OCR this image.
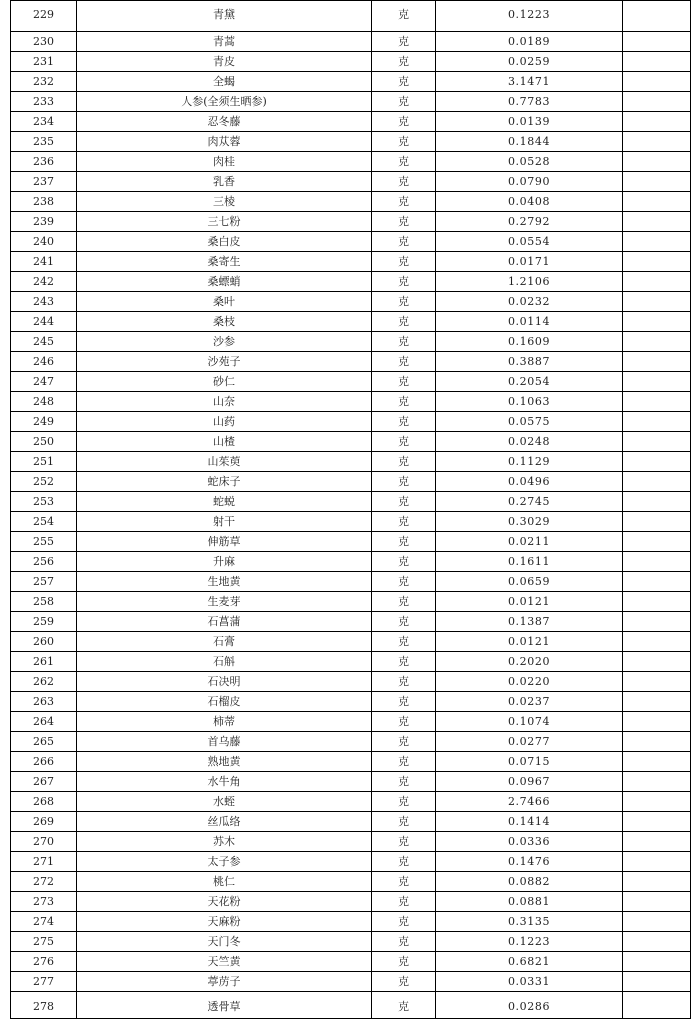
229	青黛	克	0.1223	
230	青蒿	克	0.0189	
231	青皮	克	0.0259	
232	全蝎	克	3.1471	
233	人参(全须生晒参)	克	0.7783	
234	忍冬藤	克	0.0139	
235	肉苁蓉	克	0.1844	
236	肉桂	克	0.0528	
237	乳香	克	0.0790	
238	三棱	克	0.0408	
239	三七粉	克	0.2792	
240	桑白皮	克	0.0554	
241	桑寄生	克	0.0171	
242	桑螵蛸	克	1.2106	
243	桑叶	克	0.0232	
244	桑枝	克	0.0114	
245	沙参	克	0.1609	
246	沙苑子	克	0.3887	
247	砂仁	克	0.2054	
248	山奈	克	0.1063	
249	山药	克	0.0575	
250	山楂	克	0.0248	
251	山茱萸	克	0.1129	
252	蛇床子	克	0.0496	
253	蛇蜕	克	0.2745	
254	射干	克	0.3029	
255	伸筋草	克	0.0211	
256	升麻	克	0.1611	
257	生地黄	克	0.0659	
258	生麦芽	克	0.0121	
259	石菖蒲	克	0.1387	
260	石膏	克	0.0121	
261	石斛	克	0.2020	
262	石决明	克	0.0220	
263	石榴皮	克	0.0237	
264	柿蒂	克	0.1074	
265	首乌藤	克	0.0277	
266	熟地黄	克	0.0715	
267	水牛角	克	0.0967	
268	水蛭	克	2.7466	
269	丝瓜络	克	0.1414	
270	苏木	克	0.0336	
271	太子参	克	0.1476	
272	桃仁	克	0.0882	
273	天花粉	克	0.0881	
274	天麻粉	克	0.3135	
275	天门冬	克	0.1223	
276	天竺黄	克	0.6821	
277	葶苈子	克	0.0331	
278	透骨草	克	0.0286	
